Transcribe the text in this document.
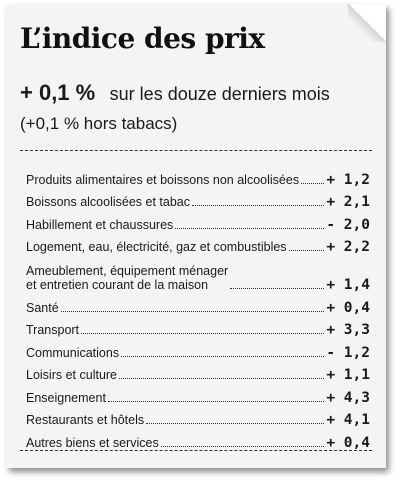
L’indice des prix
+ 0,1 % sur les douze derniers mois
(+0,1 % hors tabacs)
Produits alimentaires et boissons non alcoolisées + 1,2
Boissons alcoolisées et tabac	+ 2,1
Habillement et chaussures	- 2,0
Logement, eau, électricité, gaz et combustibles	+ 2,2
Ameublement, équipement ménager
et entretien courant de la maison	+ 1,4
Santé	+ 0,4
Transport	+ 3,3
Communications	- 1,2
Loisirs et culture	+ 1,1
Enseignement	+ 4,3
Restaurants et hôtels	+ 4,1
Autres biens et services	+ 0,4
